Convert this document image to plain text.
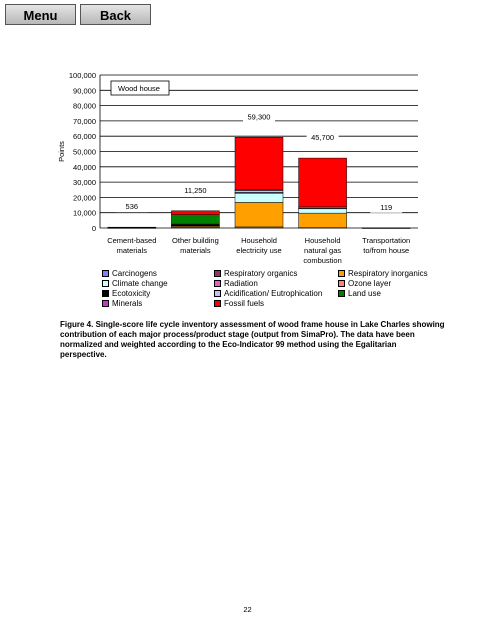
Menu	Back
0
10,000
20,000
30,000
40,000
50,000
60,000
70,000
80,000
90,000
100,000
Points
536
Cement-based
materials
11,250
Other building
materials
59,300
Household
electricity use
45,700
Household
natural gas
combustion
119
Transportation
to/from house
Wood house
Carcinogens	Respiratory organics	Respiratory inorganics
Climate change	Radiation	Ozone layer
Ecotoxicity	Acidification/ Eutrophication	Land use
Minerals	Fossil fuels
Figure 4. Single-score life cycle inventory assessment of wood frame house in Lake Charles showing contribution of each major process/product stage (output from SimaPro). The data have been normalized and weighted according to the Eco-Indicator 99 method using the Egalitarian perspective.
22
